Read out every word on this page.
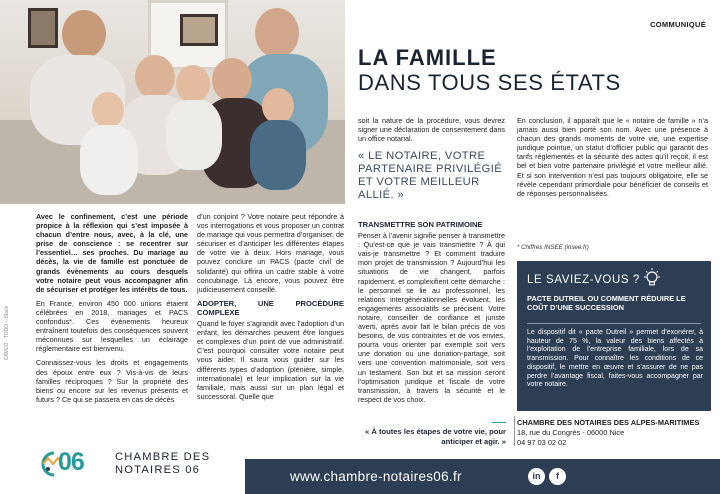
CAVCO - TODO - iStock
COMMUNIQUÉ
LA FAMILLE
DANS TOUS SES ÉTATS

Avec le confinement, c’est une période propice à la réflexion qui s’est imposée à chacun d’entre nous, avec, à la clé, une prise de conscience : se recentrer sur l’essentiel… ses proches. Du mariage au décès, la vie de famille est ponctuée de grands évènements au cours desquels votre notaire peut vous accompagner afin de sécuriser et protéger les intérêts de tous.

En France, environ 450 000 unions étaient célébrées en 2018, mariages et PACS confondus*. Ces évènements heureux entraînent toutefois des conséquences souvent méconnues sur lesquelles un éclairage réglementaire est bienvenu.

Connaissez-vous les droits et engagements des époux entre eux ? Vis-à-vis de leurs familles réciproques ? Sur la propriété des biens ou encore sur les revenus présents et futurs ? Ce qui se passera en cas de décès

d’un conjoint ? Votre notaire peut répondre à vos interrogations et vous proposer un contrat de mariage qui vous permettra d’organiser, de sécuriser et d’anticiper les différentes étapes de votre vie à deux. Hors mariage, vous pouvez conclure un PACS (pacte civil de solidarité) qui offrira un cadre stable à votre concubinage. Là encore, vous pouvez être judicieusement conseillé.

ADOPTER, UNE PROCÉDURE COMPLEXE

Quand le foyer s’agrandit avec l’adoption d’un enfant, les démarches peuvent être longues et complexes d’un point de vue administratif. C’est pourquoi consulter votre notaire peut vous aider. Il saura vous guider sur les différents types d’adoption (plénière, simple, internationale) et leur implication sur la vie familiale, mais aussi sur un plan légal et successoral. Quelle que

soit la nature de la procédure, vous devrez signer une déclaration de consentement dans un office notarial.

« LE NOTAIRE, VOTRE PARTENAIRE PRIVILÉGIÉ ET VOTRE MEILLEUR ALLIÉ. »
TRANSMETTRE SON PATRIMOINE

Penser à l’avenir signifie penser à transmettre : Qu’est-ce que je vais transmettre ? À qui vais-je transmettre ? Et comment traduire mon projet de transmission ? Aujourd’hui les situations de vie changent, parfois rapidement, et complexifient cette démarche : le personnel se lie au professionnel, les relations intergénérationnelles évoluent, les engagements associatifs se précisent. Votre notaire, conseiller de confiance et juriste averti, après avoir fait le bilan précis de vos besoins, de vos contraintes et de vos envies, pourra vous orienter par exemple soit vers une donation ou une donation-partage, soit vers une convention matrimoniale, soit vers un testament. Son but et sa mission seront l’optimisation juridique et fiscale de votre transmission, à travers la sécurité et le respect de vos choix.

« À toutes les étapes de votre vie, pour anticiper et agir. »

En conclusion, il apparaît que le « notaire de famille » n’a jamais aussi bien porté son nom. Avec une présence à chacun des grands moments de votre vie, une expertise juridique pointue, un statut d’officier public qui garantit des tarifs réglementés et la sécurité des actes qu’il reçoit, il est bel et bien votre partenaire privilégié et votre meilleur allié. Et si son intervention n’est pas toujours obligatoire, elle se révèle cependant primordiale pour bénéficier de conseils et de réponses personnalisées.

* Chiffres INSEE (insee.fr)
LE SAVIEZ-VOUS ?
PACTE DUTREIL OU COMMENT RÉDUIRE LE COÛT D’UNE SUCCESSION
Le dispositif dit « pacte Dutreil » permet d’exonérer, à hauteur de 75 %, la valeur des biens affectés à l’exploitation de l’entreprise familiale, lors de sa transmission. Pour connaître les conditions de ce dispositif, le mettre en œuvre et s’assurer de ne pas perdre l’avantage fiscal, faites-vous accompagner par votre notaire.
CHAMBRE DES NOTAIRES DES ALPES-MARITIMES
18, rue du Congrès - 06000 Nice
04 97 03 02 02
06	CHAMBRE DES
NOTAIRES 06	www.chambre-notaires06.fr	in	f
